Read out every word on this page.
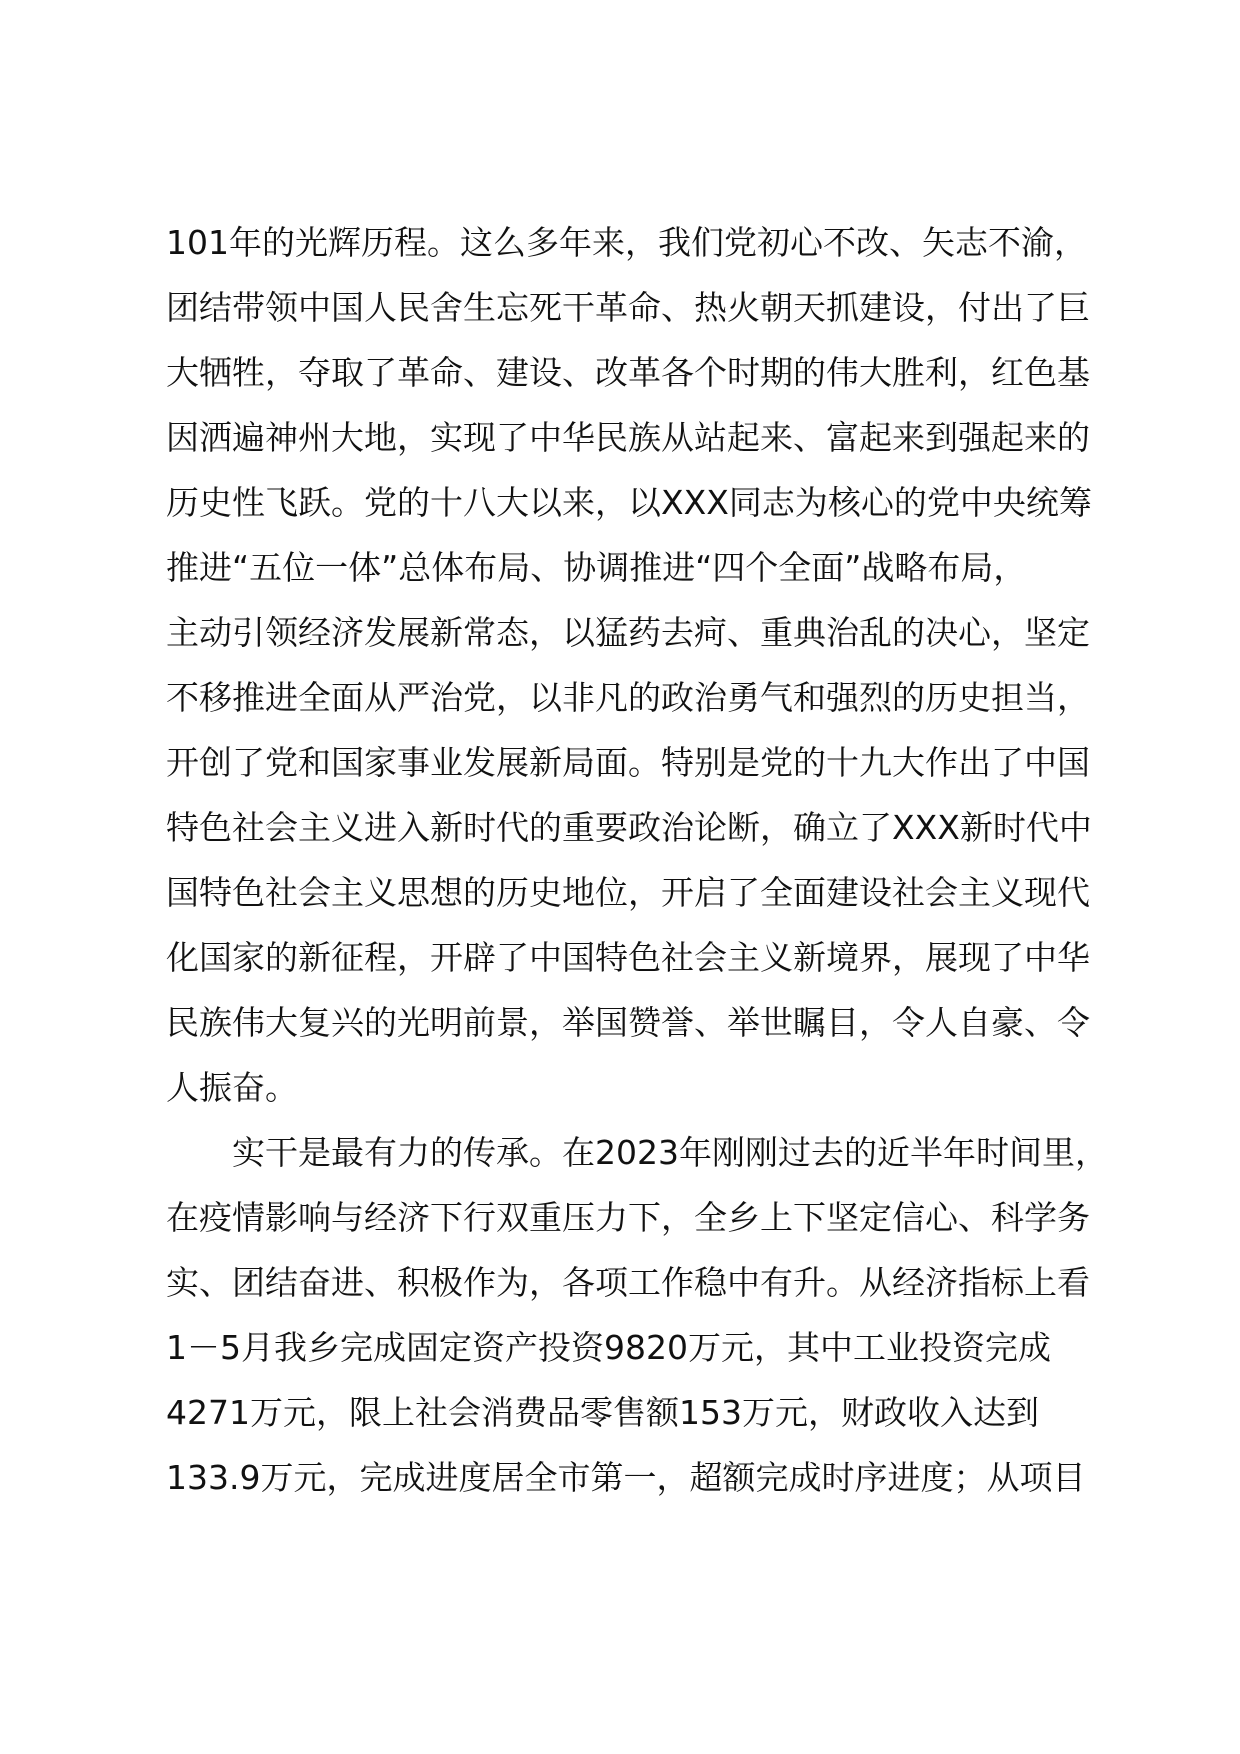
101年的光辉历程。这么多年来，我们党初心不改、矢志不渝，
团结带领中国人民舍生忘死干革命、热火朝天抓建设，付出了巨
大牺牲，夺取了革命、建设、改革各个时期的伟大胜利，红色基
因洒遍神州大地，实现了中华民族从站起来、富起来到强起来的
历史性飞跃。党的十八大以来，以XXX同志为核心的党中央统筹
推进“五位一体”总体布局、协调推进“四个全面”战略布局，
主动引领经济发展新常态，以猛药去疴、重典治乱的决心，坚定
不移推进全面从严治党，以非凡的政治勇气和强烈的历史担当，
开创了党和国家事业发展新局面。特别是党的十九大作出了中国
特色社会主义进入新时代的重要政治论断，确立了XXX新时代中
国特色社会主义思想的历史地位，开启了全面建设社会主义现代
化国家的新征程，开辟了中国特色社会主义新境界，展现了中华
民族伟大复兴的光明前景，举国赞誉、举世瞩目，令人自豪、令
人振奋。
实干是最有力的传承。在2023年刚刚过去的近半年时间里，
在疫情影响与经济下行双重压力下，全乡上下坚定信心、科学务
实、团结奋进、积极作为，各项工作稳中有升。从经济指标上看
1－5月我乡完成固定资产投资9820万元，其中工业投资完成
4271万元，限上社会消费品零售额153万元，财政收入达到
133.9万元，完成进度居全市第一，超额完成时序进度；从项目
